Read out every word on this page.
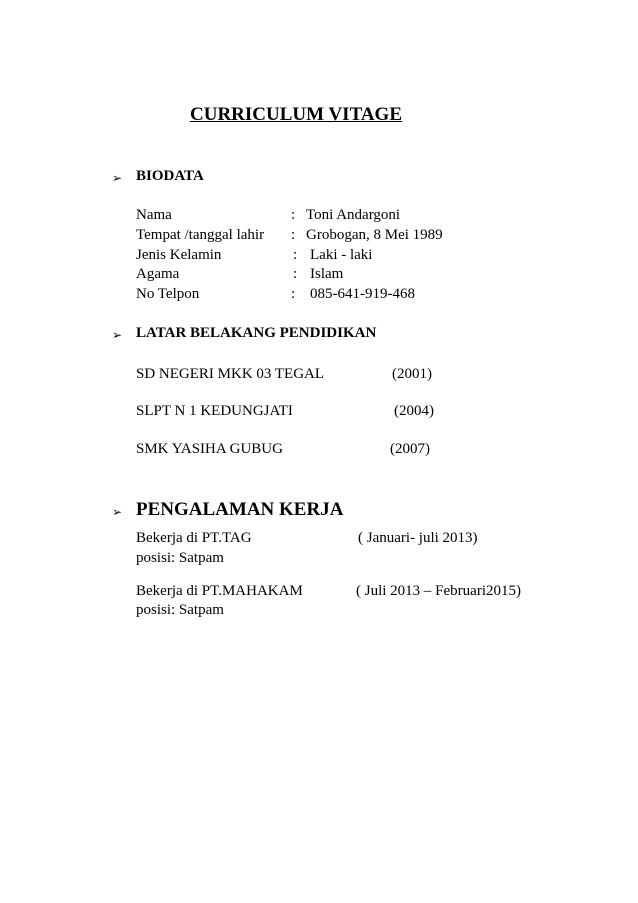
CURRICULUM VITAGE
➢ BIODATA
Nama	: Toni Andargoni
Tempat /tanggal lahir : Grobogan, 8 Mei 1989
Jenis Kelamin	: Laki - laki
Agama	: Islam
No Telpon	: 085-641-919-468
➢ LATAR BELAKANG PENDIDIKAN
SD NEGERI MKK 03 TEGAL	(2001)
SLPT N 1 KEDUNGJATI	(2004)
SMK YASIHA GUBUG	(2007)
➢ PENGALAMAN KERJA
Bekerja di PT.TAG	( Januari- juli 2013)
posisi: Satpam
Bekerja di PT.MAHAKAM	( Juli 2013 – Februari2015)
posisi: Satpam
